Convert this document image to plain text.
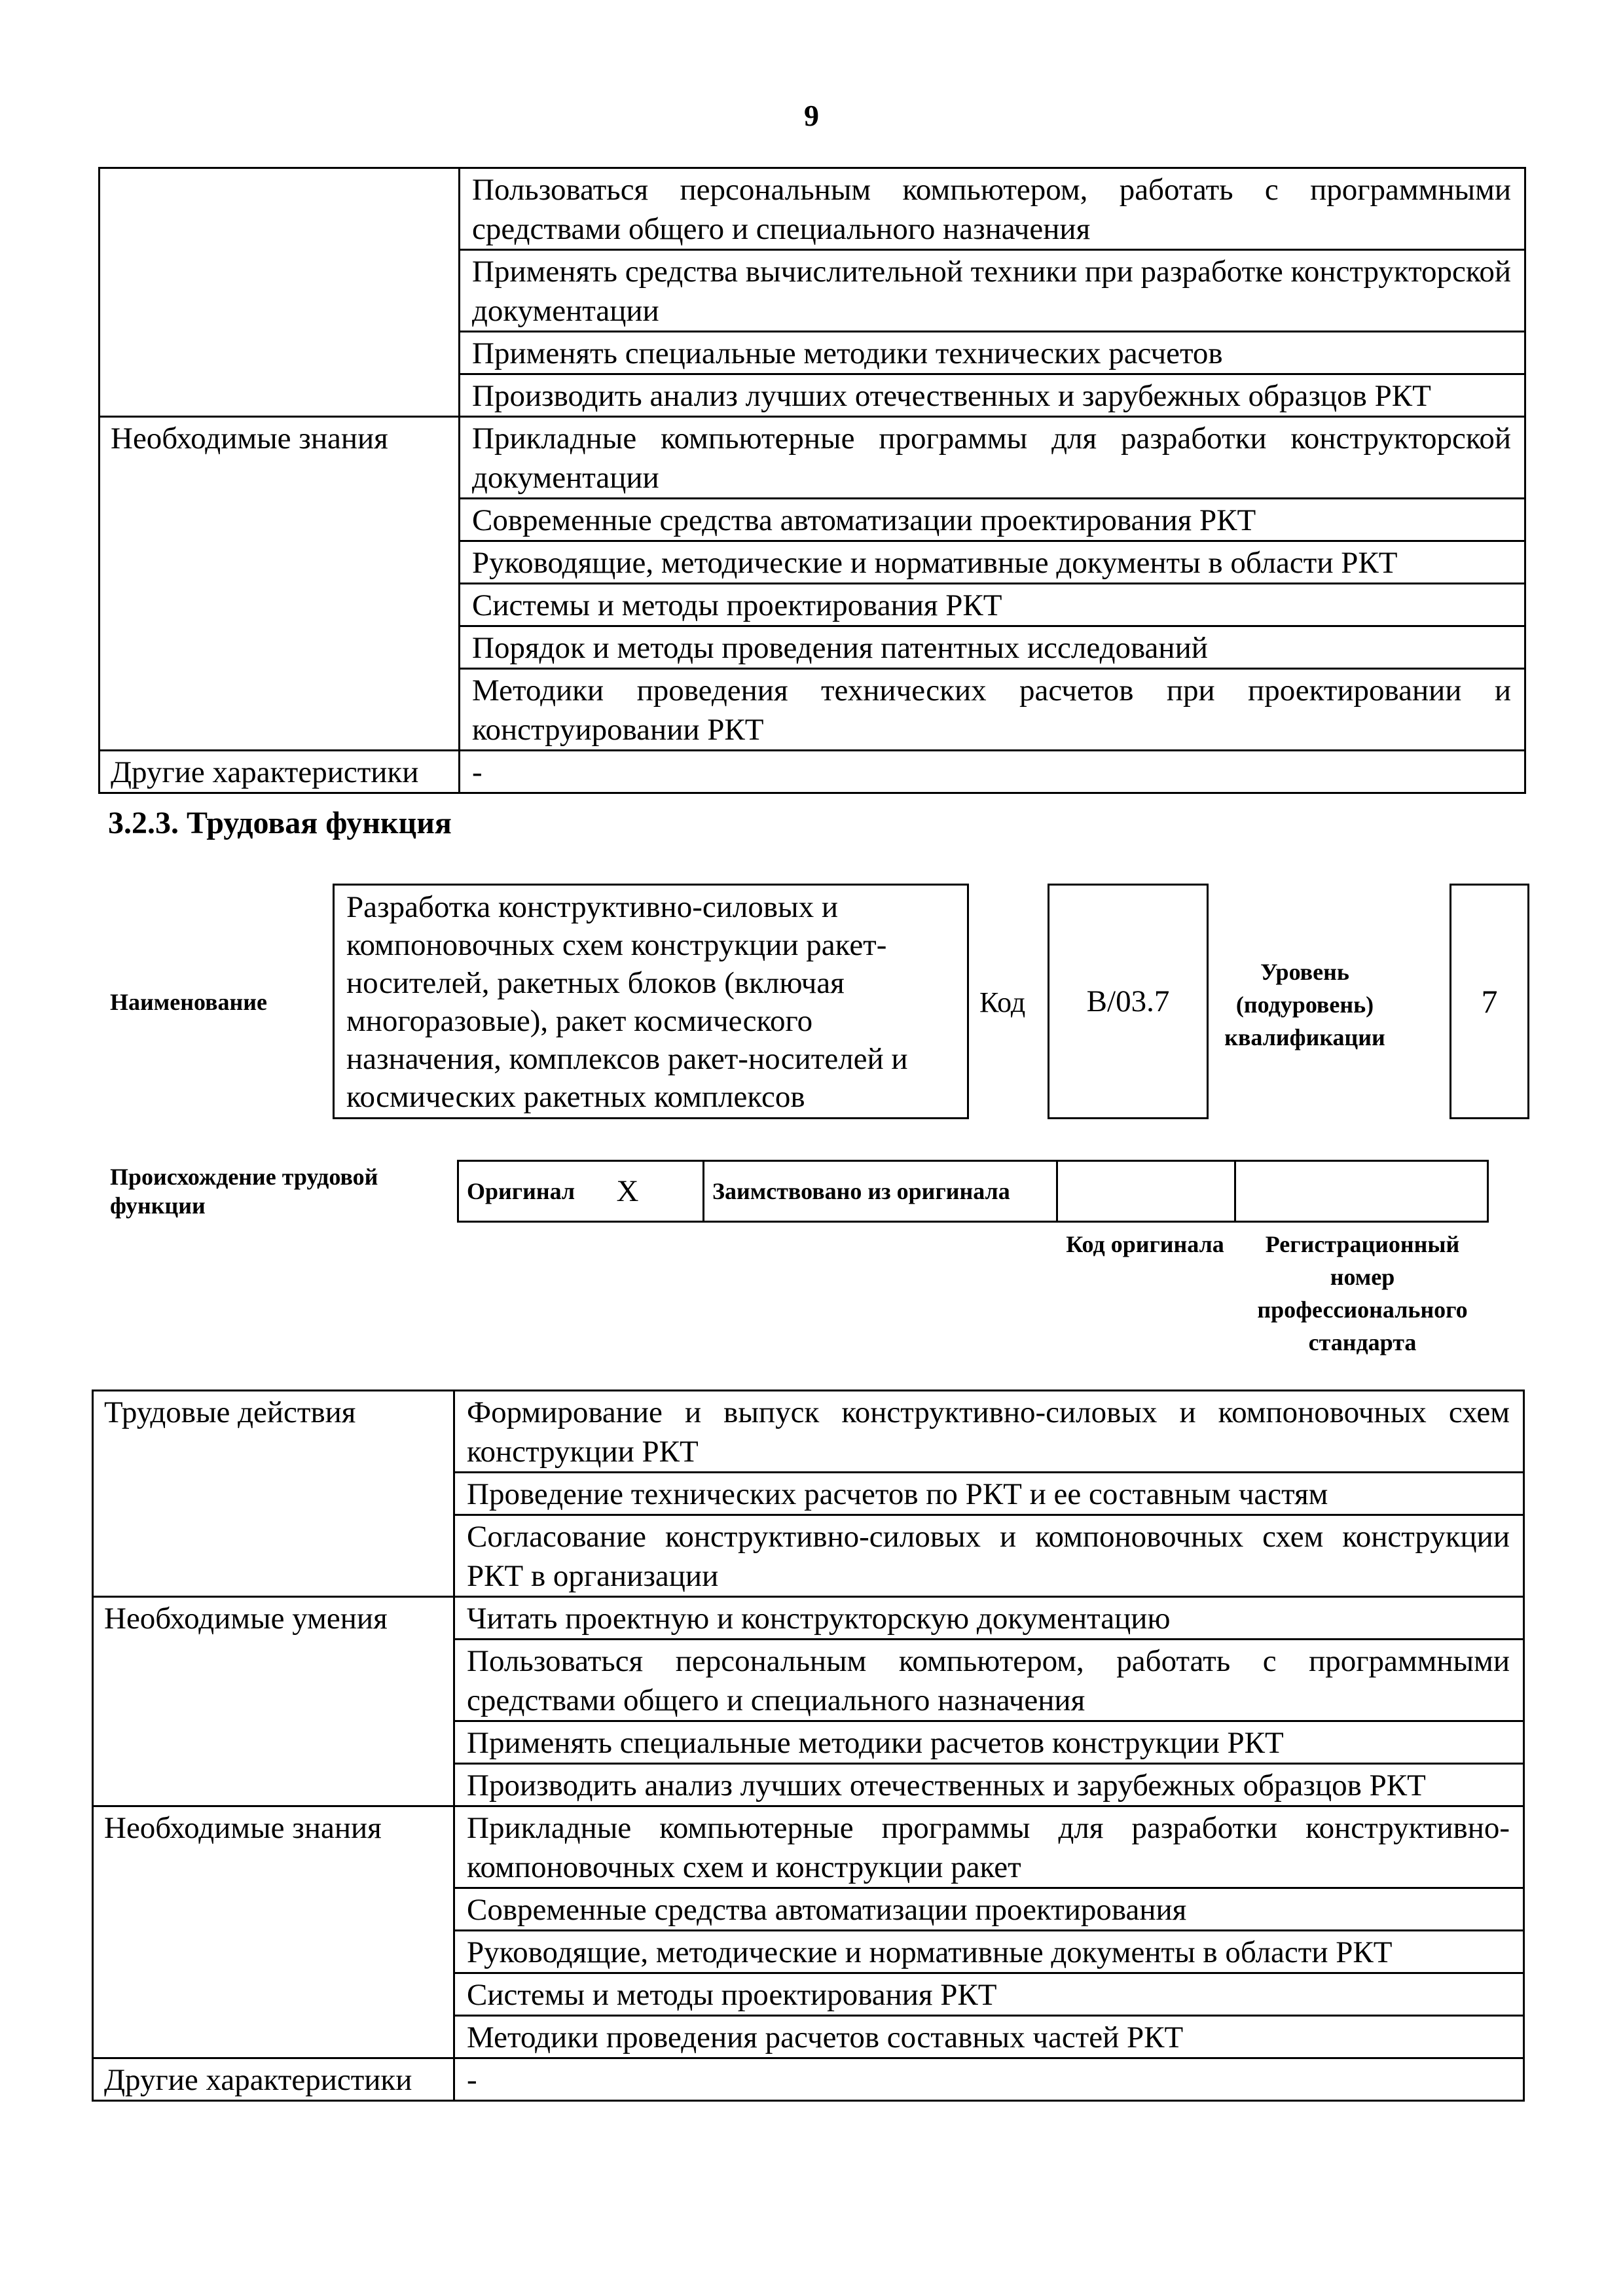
9
	Пользоваться персональным компьютером, работать с программными средствами общего и специального назначения
	Применять средства вычислительной техники при разработке конструкторской документации
	Применять специальные методики технических расчетов
	Производить анализ лучших отечественных и зарубежных образцов РКТ
Необходимые знания	Прикладные компьютерные программы для разработки конструкторской документации
	Современные средства автоматизации проектирования РКТ
	Руководящие, методические и нормативные документы в области РКТ
	Системы и методы проектирования РКТ
	Порядок и методы проведения патентных исследований
	Методики проведения технических расчетов при проектировании и конструировании РКТ
Другие характеристики	-
3.2.3. Трудовая функция
Наименование
Разработка конструктивно-силовых и компоновочных схем конструкции ракет-носителей, ракетных блоков (включая многоразовые), ракет космического назначения, комплексов ракет-носителей и космических ракетных комплексов
Код	B/03.7
Уровень (подуровень) квалификации
7
Происхождение трудовой функции
Оригинал	X	Заимствовано из оригинала		
Код оригинала	Регистрационный номер профессионального стандарта
Трудовые действия	Формирование и выпуск конструктивно-силовых и компоновочных схем конструкции РКТ
	Проведение технических расчетов по РКТ и ее составным частям
	Согласование конструктивно-силовых и компоновочных схем конструкции РКТ в организации
Необходимые умения	Читать проектную и конструкторскую документацию
	Пользоваться персональным компьютером, работать с программными средствами общего и специального назначения
	Применять специальные методики расчетов конструкции РКТ
	Производить анализ лучших отечественных и зарубежных образцов РКТ
Необходимые знания	Прикладные компьютерные программы для разработки конструктивно-компоновочных схем и конструкции ракет
	Современные средства автоматизации проектирования
	Руководящие, методические и нормативные документы в области РКТ
	Системы и методы проектирования РКТ
	Методики проведения расчетов составных частей РКТ
Другие характеристики	-
